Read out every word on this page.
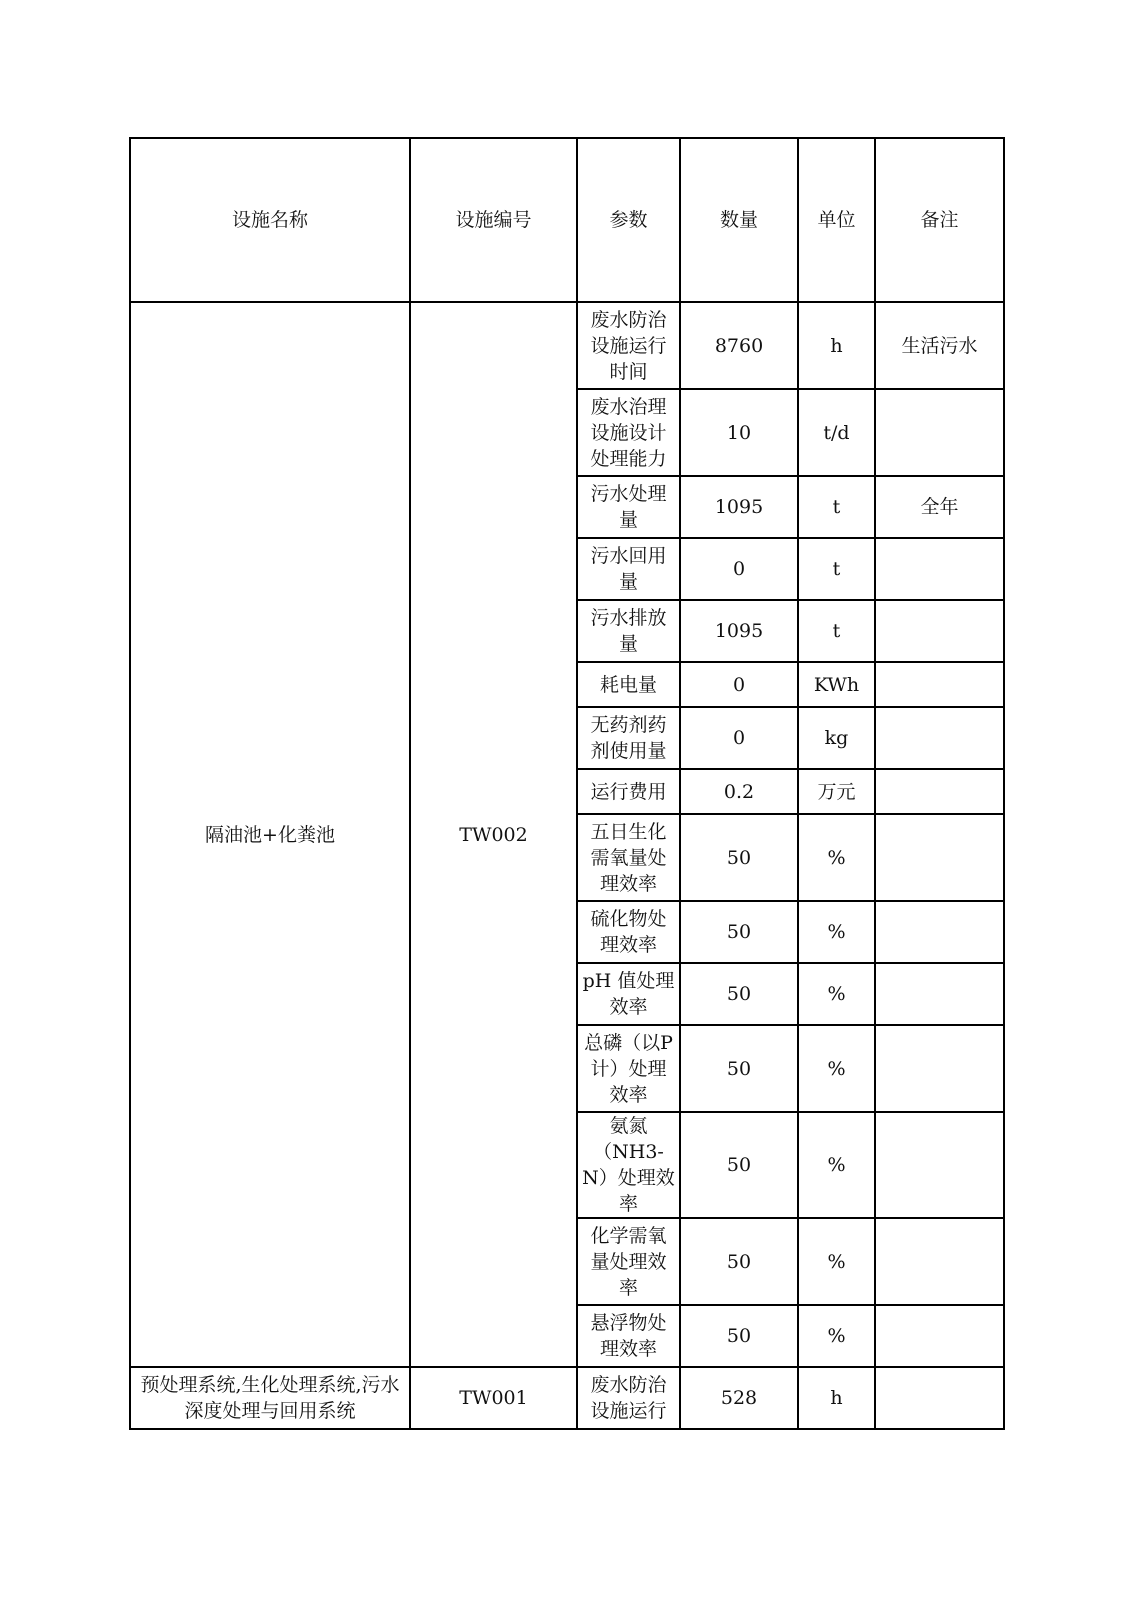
设施名称	设施编号	参数	数量	单位	备注
隔油池+化粪池	TW002	废水防治设施运行时间	8760	h	生活污水
		废水治理设施设计处理能力	10	t/d	
		污水处理量	1095	t	全年
		污水回用量	0	t	
		污水排放量	1095	t	
		耗电量	0	KWh	
		无药剂药剂使用量	0	kg	
		运行费用	0.2	万元	
		五日生化需氧量处理效率	50	%	
		硫化物处理效率	50	%	
		pH 值处理效率	50	%	
		总磷（以P 计）处理效率	50	%	
		氨氮（NH3-N）处理效率	50	%	
		化学需氧量处理效率	50	%	
		悬浮物处理效率	50	%	
预处理系统,生化处理系统,污水深度处理与回用系统	TW001	废水防治设施运行	528	h	
